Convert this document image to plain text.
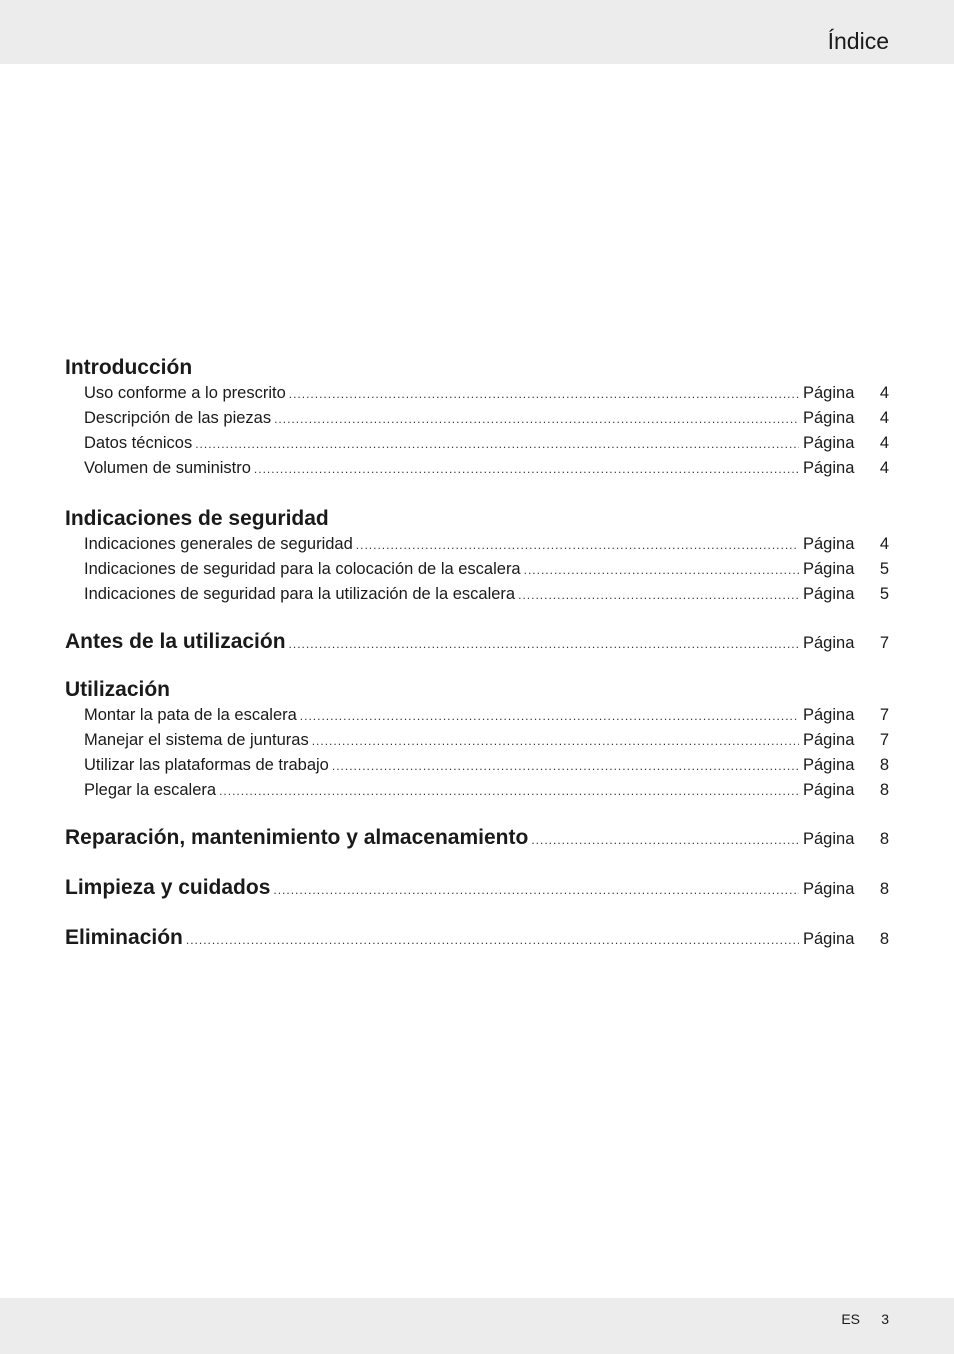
Índice
Introducción
Uso conforme a lo prescrito .....	Página	4
Descripción de las piezas .....	Página	4
Datos técnicos .....	Página	4
Volumen de suministro .....	Página	4
Indicaciones de seguridad
Indicaciones generales de seguridad .....	Página	4
Indicaciones de seguridad para la colocación de la escalera .....	Página	5
Indicaciones de seguridad para la utilización de la escalera .....	Página	5
Antes de la utilización .....	Página	7
Utilización
Montar la pata de la escalera .....	Página	7
Manejar el sistema de junturas .....	Página	7
Utilizar las plataformas de trabajo .....	Página	8
Plegar la escalera .....	Página	8
Reparación, mantenimiento y almacenamiento .....	Página	8
Limpieza y cuidados .....	Página	8
Eliminación .....	Página	8
ES 3
